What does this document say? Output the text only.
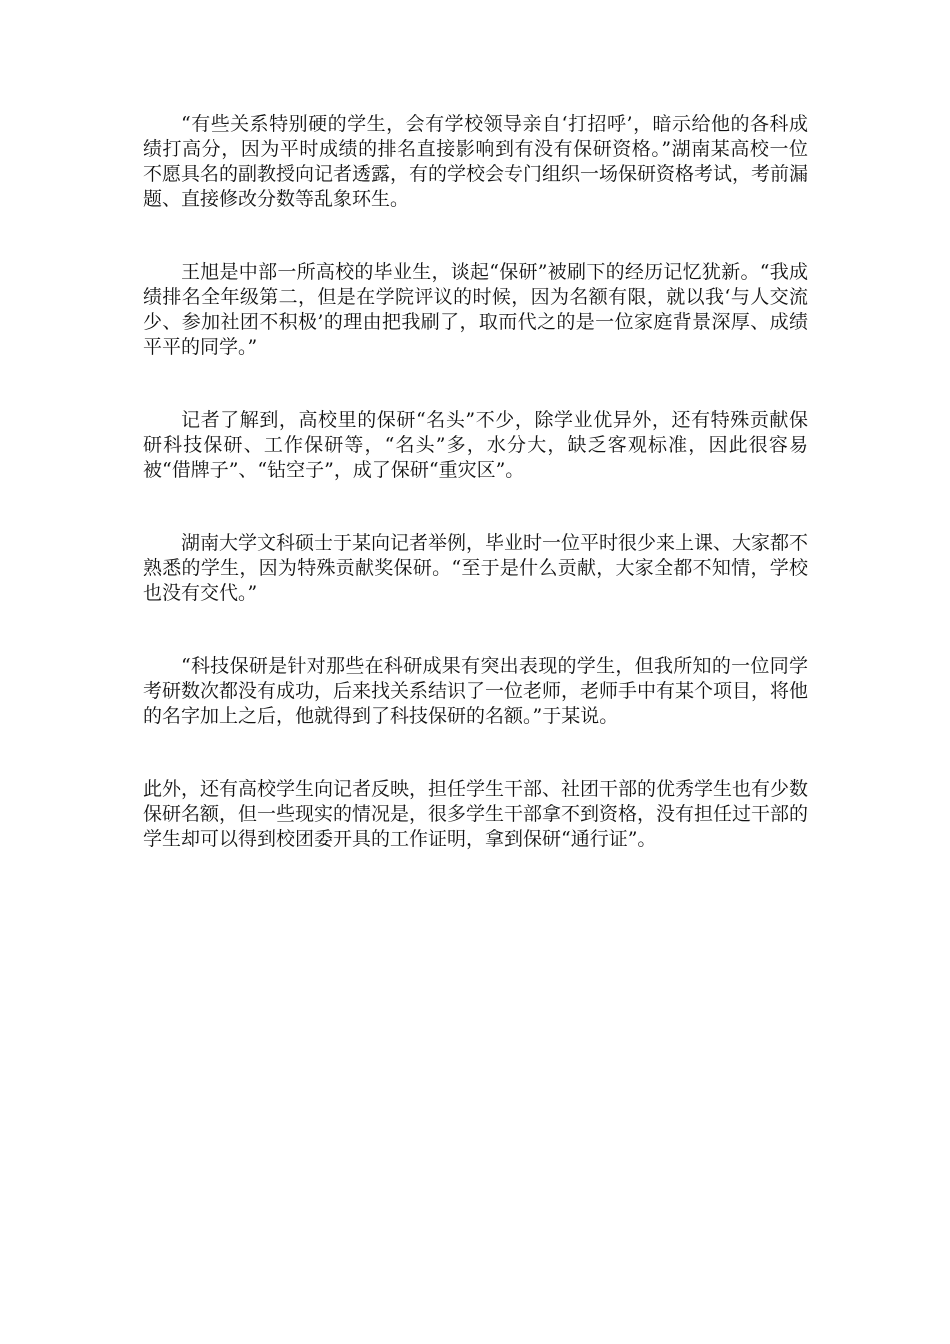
“有些关系特别硬的学生，会有学校领导亲自‘打招呼’，暗示给他的各科成绩打高分，因为平时成绩的排名直接影响到有没有保研资格。”湖南某高校一位不愿具名的副教授向记者透露，有的学校会专门组织一场保研资格考试，考前漏题、直接修改分数等乱象环生。

王旭是中部一所高校的毕业生，谈起“保研”被刷下的经历记忆犹新。“我成绩排名全年级第二，但是在学院评议的时候，因为名额有限，就以我‘与人交流少、参加社团不积极’的理由把我刷了，取而代之的是一位家庭背景深厚、成绩平平的同学。”

记者了解到，高校里的保研“名头”不少，除学业优异外，还有特殊贡献保研科技保研、工作保研等，“名头”多，水分大，缺乏客观标准，因此很容易被“借牌子”、“钻空子”，成了保研“重灾区”。

湖南大学文科硕士于某向记者举例，毕业时一位平时很少来上课、大家都不熟悉的学生，因为特殊贡献奖保研。“至于是什么贡献，大家全都不知情，学校也没有交代。”

“科技保研是针对那些在科研成果有突出表现的学生，但我所知的一位同学考研数次都没有成功，后来找关系结识了一位老师，老师手中有某个项目，将他的名字加上之后，他就得到了科技保研的名额。”于某说。

此外，还有高校学生向记者反映，担任学生干部、社团干部的优秀学生也有少数保研名额，但一些现实的情况是，很多学生干部拿不到资格，没有担任过干部的学生却可以得到校团委开具的工作证明，拿到保研“通行证”。
